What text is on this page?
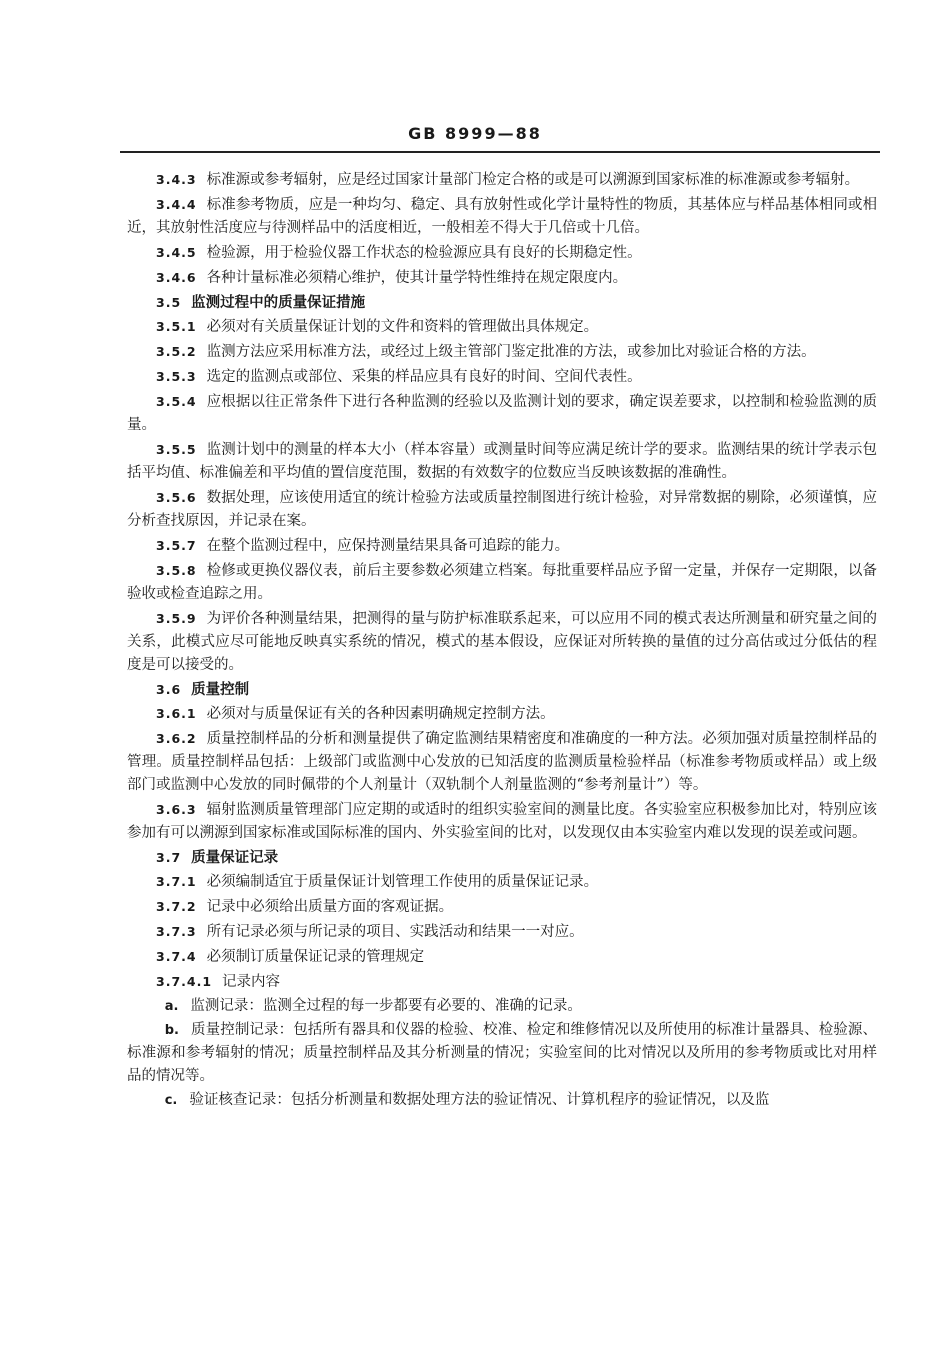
GB 8999—88

3.4.3 标准源或参考辐射，应是经过国家计量部门检定合格的或是可以溯源到国家标准的标准源或参考辐射。

3.4.4 标准参考物质，应是一种均匀、稳定、具有放射性或化学计量特性的物质，其基体应与样品基体相同或相近，其放射性活度应与待测样品中的活度相近，一般相差不得大于几倍或十几倍。

3.4.5 检验源，用于检验仪器工作状态的检验源应具有良好的长期稳定性。

3.4.6 各种计量标准必须精心维护，使其计量学特性维持在规定限度内。

3.5 监测过程中的质量保证措施

3.5.1 必须对有关质量保证计划的文件和资料的管理做出具体规定。

3.5.2 监测方法应采用标准方法，或经过上级主管部门鉴定批准的方法，或参加比对验证合格的方法。

3.5.3 选定的监测点或部位、采集的样品应具有良好的时间、空间代表性。

3.5.4 应根据以往正常条件下进行各种监测的经验以及监测计划的要求，确定误差要求，以控制和检验监测的质量。

3.5.5 监测计划中的测量的样本大小（样本容量）或测量时间等应满足统计学的要求。监测结果的统计学表示包括平均值、标准偏差和平均值的置信度范围，数据的有效数字的位数应当反映该数据的准确性。

3.5.6 数据处理，应该使用适宜的统计检验方法或质量控制图进行统计检验，对异常数据的剔除，必须谨慎，应分析查找原因，并记录在案。

3.5.7 在整个监测过程中，应保持测量结果具备可追踪的能力。

3.5.8 检修或更换仪器仪表，前后主要参数必须建立档案。每批重要样品应予留一定量，并保存一定期限，以备验收或检查追踪之用。

3.5.9 为评价各种测量结果，把测得的量与防护标准联系起来，可以应用不同的模式表达所测量和研究量之间的关系，此模式应尽可能地反映真实系统的情况，模式的基本假设，应保证对所转换的量值的过分高估或过分低估的程度是可以接受的。

3.6 质量控制

3.6.1 必须对与质量保证有关的各种因素明确规定控制方法。

3.6.2 质量控制样品的分析和测量提供了确定监测结果精密度和准确度的一种方法。必须加强对质量控制样品的管理。质量控制样品包括：上级部门或监测中心发放的已知活度的监测质量检验样品（标准参考物质或样品）或上级部门或监测中心发放的同时佩带的个人剂量计（双轨制个人剂量监测的“参考剂量计”）等。

3.6.3 辐射监测质量管理部门应定期的或适时的组织实验室间的测量比度。各实验室应积极参加比对，特别应该参加有可以溯源到国家标准或国际标准的国内、外实验室间的比对，以发现仅由本实验室内难以发现的误差或问题。

3.7 质量保证记录

3.7.1 必须编制适宜于质量保证计划管理工作使用的质量保证记录。

3.7.2 记录中必须给出质量方面的客观证据。

3.7.3 所有记录必须与所记录的项目、实践活动和结果一一对应。

3.7.4 必须制订质量保证记录的管理规定

3.7.4.1 记录内容

a. 监测记录：监测全过程的每一步都要有必要的、准确的记录。

b. 质量控制记录：包括所有器具和仪器的检验、校准、检定和维修情况以及所使用的标准计量器具、检验源、标准源和参考辐射的情况；质量控制样品及其分析测量的情况；实验室间的比对情况以及所用的参考物质或比对用样品的情况等。

c. 验证核查记录：包括分析测量和数据处理方法的验证情况、计算机程序的验证情况，以及监
